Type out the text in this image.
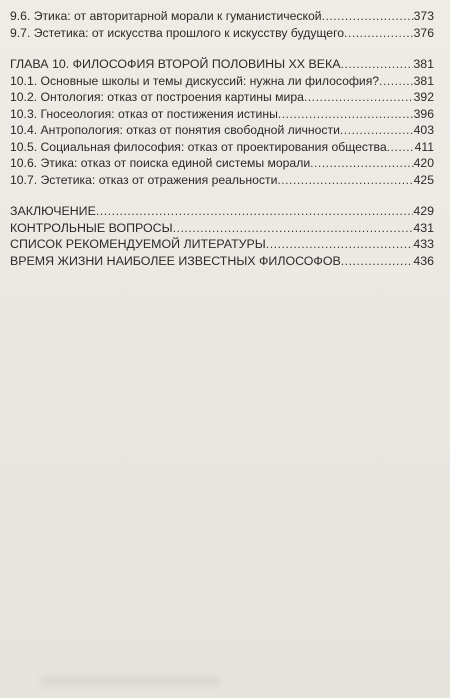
9.6. Этика: от авторитарной морали к гуманистической .....	373
9.7. Эстетика: от искусства прошлого к искусству будущего .....	376
ГЛАВА 10. ФИЛОСОФИЯ ВТОРОЙ ПОЛОВИНЫ XX ВЕКА .....	381
10.1. Основные школы и темы дискуссий: нужна ли философия? .....	381
10.2. Онтология: отказ от построения картины мира .....	392
10.3. Гносеология: отказ от постижения истины .....	396
10.4. Антропология: отказ от понятия свободной личности .....	403
10.5. Социальная философия: отказ от проектирования общества ..... 411
10.6. Этика: отказ от поиска единой системы морали .....	420
10.7. Эстетика: отказ от отражения реальности .....	425
ЗАКЛЮЧЕНИЕ .....	429
КОНТРОЛЬНЫЕ ВОПРОСЫ .....	431
СПИСОК РЕКОМЕНДУЕМОЙ ЛИТЕРАТУРЫ .....	433
ВРЕМЯ ЖИЗНИ НАИБОЛЕЕ ИЗВЕСТНЫХ ФИЛОСОФОВ .....	436
